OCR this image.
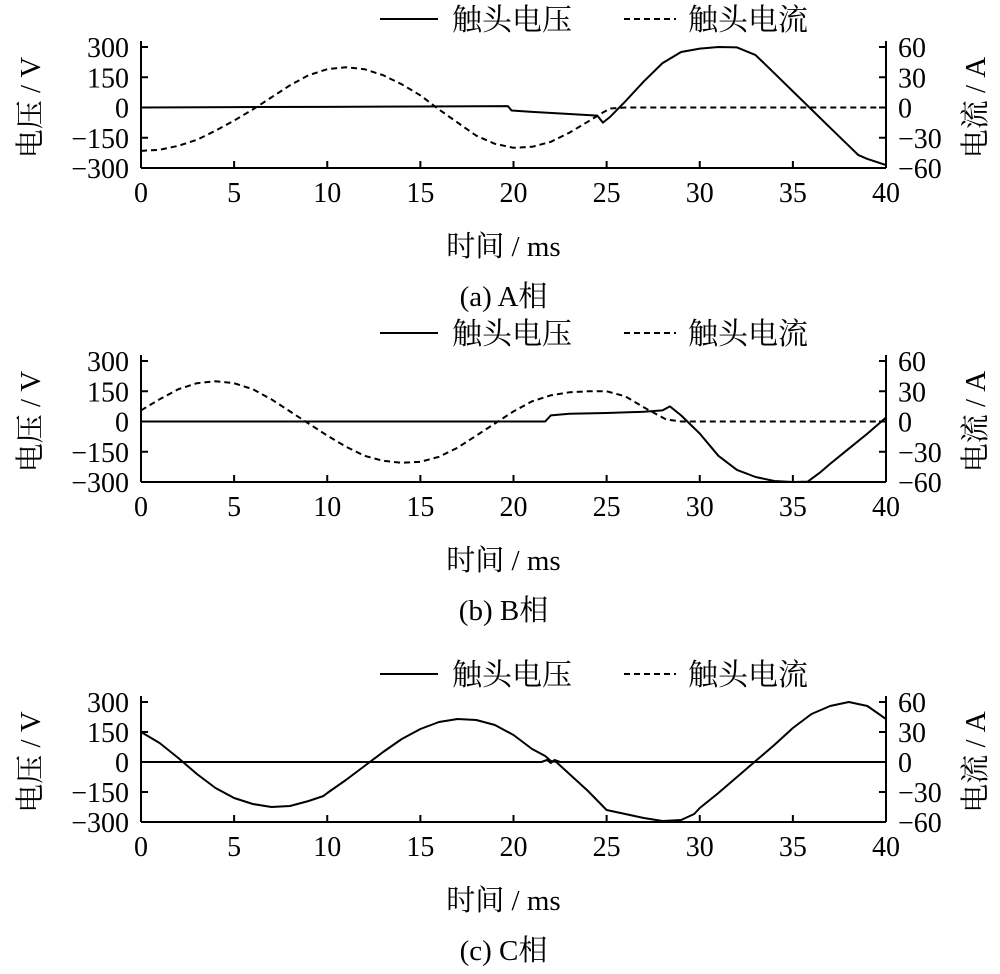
0	5	10 15 20 25 30 35 40
300
150
0
−150
−300
60
30
0
−30
−60
电压 / V	电流 / A
时间 / ms
(a) A相
触头电压	触头电流
0	5	10 15 20 25 30 35 40
300
150
0
−150
−300
60
30
0
−30
−60
电压 / V	电流 / A
时间 / ms
(b) B相
触头电压	触头电流
0	5	10 15 20 25 30 35 40
300
150
0
−150
−300
60
30
0
−30
−60
电压 / V	电流 / A
时间 / ms
(c) C相
触头电压	触头电流
